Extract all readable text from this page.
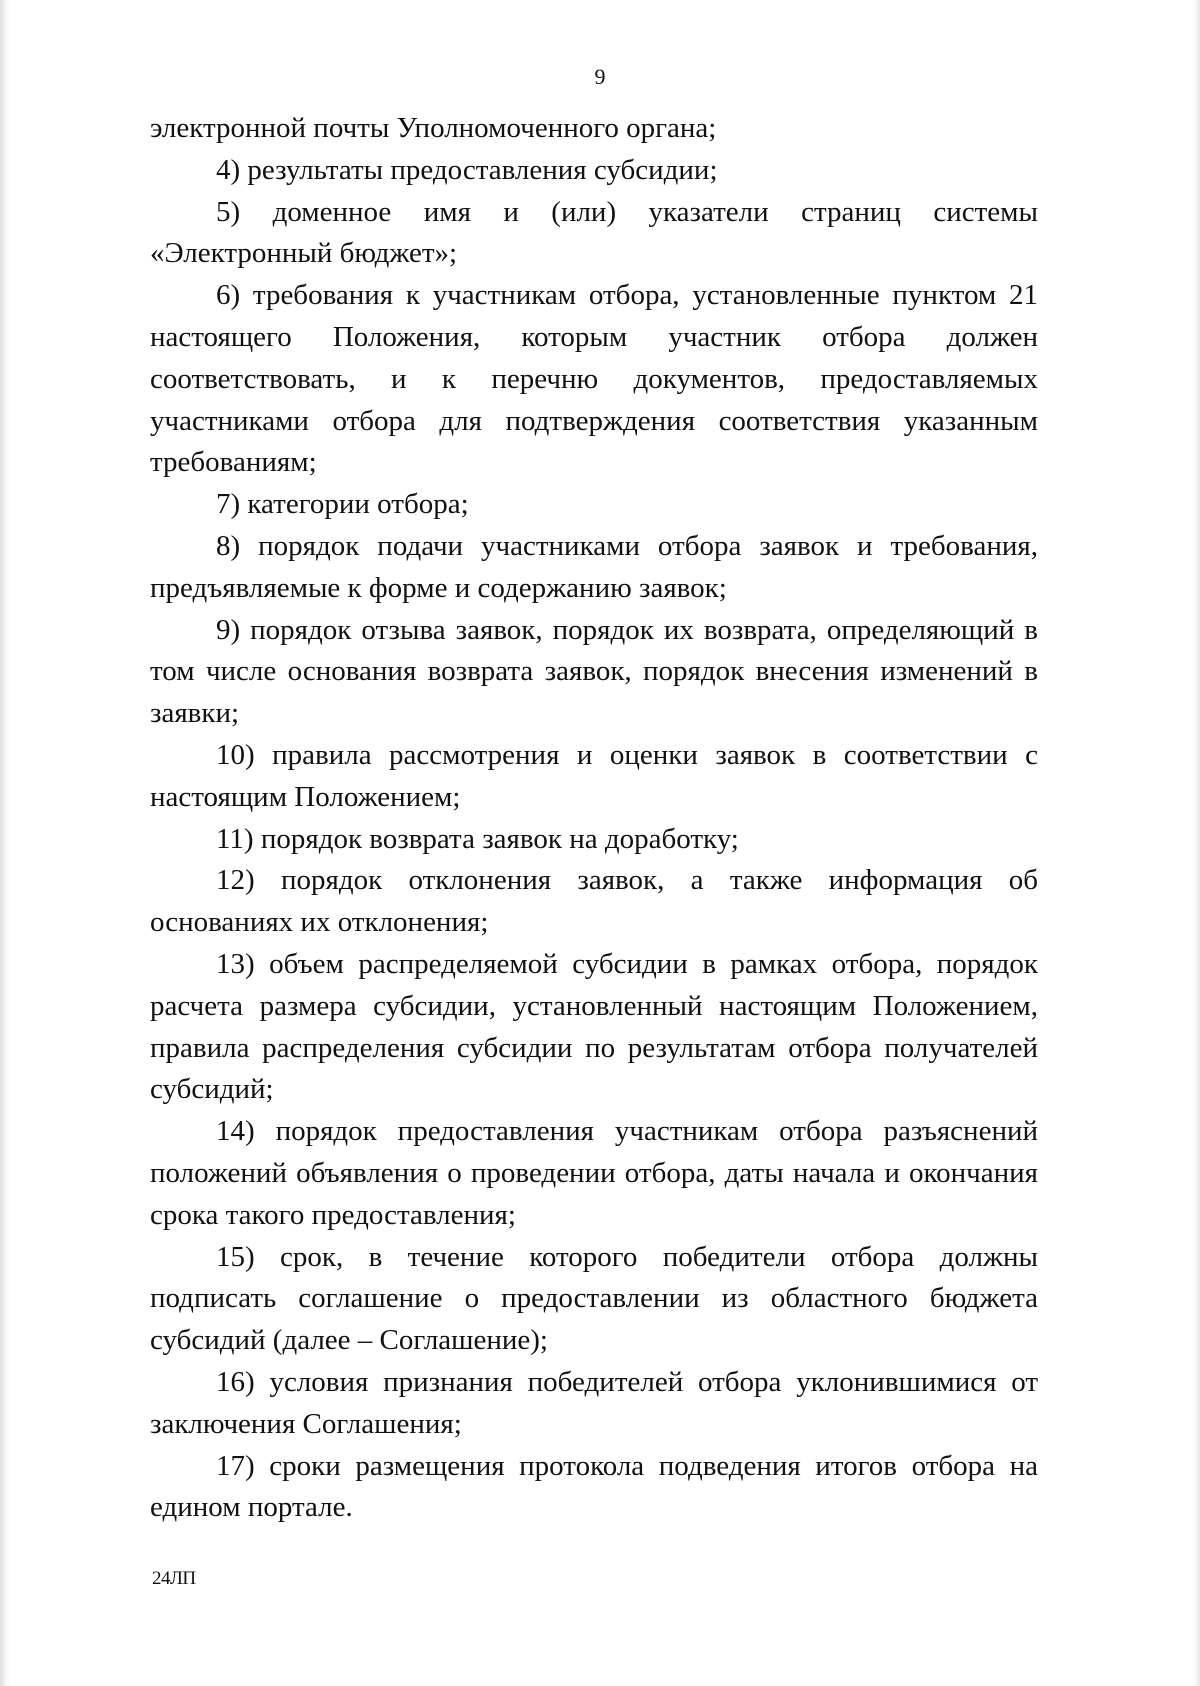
9

электронной почты Уполномоченного органа;

4) результаты предоставления субсидии;

5) доменное имя и (или) указатели страниц системы «Электронный бюджет»;

6) требования к участникам отбора, установленные пунктом 21 настоящего Положения, которым участник отбора должен соответствовать, и к перечню документов, предоставляемых участниками отбора для подтверждения соответствия указанным требованиям;

7) категории отбора;

8) порядок подачи участниками отбора заявок и требования, предъявляемые к форме и содержанию заявок;

9) порядок отзыва заявок, порядок их возврата, определяющий в том числе основания возврата заявок, порядок внесения изменений в заявки;

10) правила рассмотрения и оценки заявок в соответствии с настоящим Положением;

11) порядок возврата заявок на доработку;

12) порядок отклонения заявок, а также информация об основаниях их отклонения;

13) объем распределяемой субсидии в рамках отбора, порядок расчета размера субсидии, установленный настоящим Положением, правила распределения субсидии по результатам отбора получателей субсидий;

14) порядок предоставления участникам отбора разъяснений положений объявления о проведении отбора, даты начала и окончания срока такого предоставления;

15) срок, в течение которого победители отбора должны подписать соглашение о предоставлении из областного бюджета субсидий (далее – Соглашение);

16) условия признания победителей отбора уклонившимися от заключения Соглашения;

17) сроки размещения протокола подведения итогов отбора на едином портале.

24ЛП
